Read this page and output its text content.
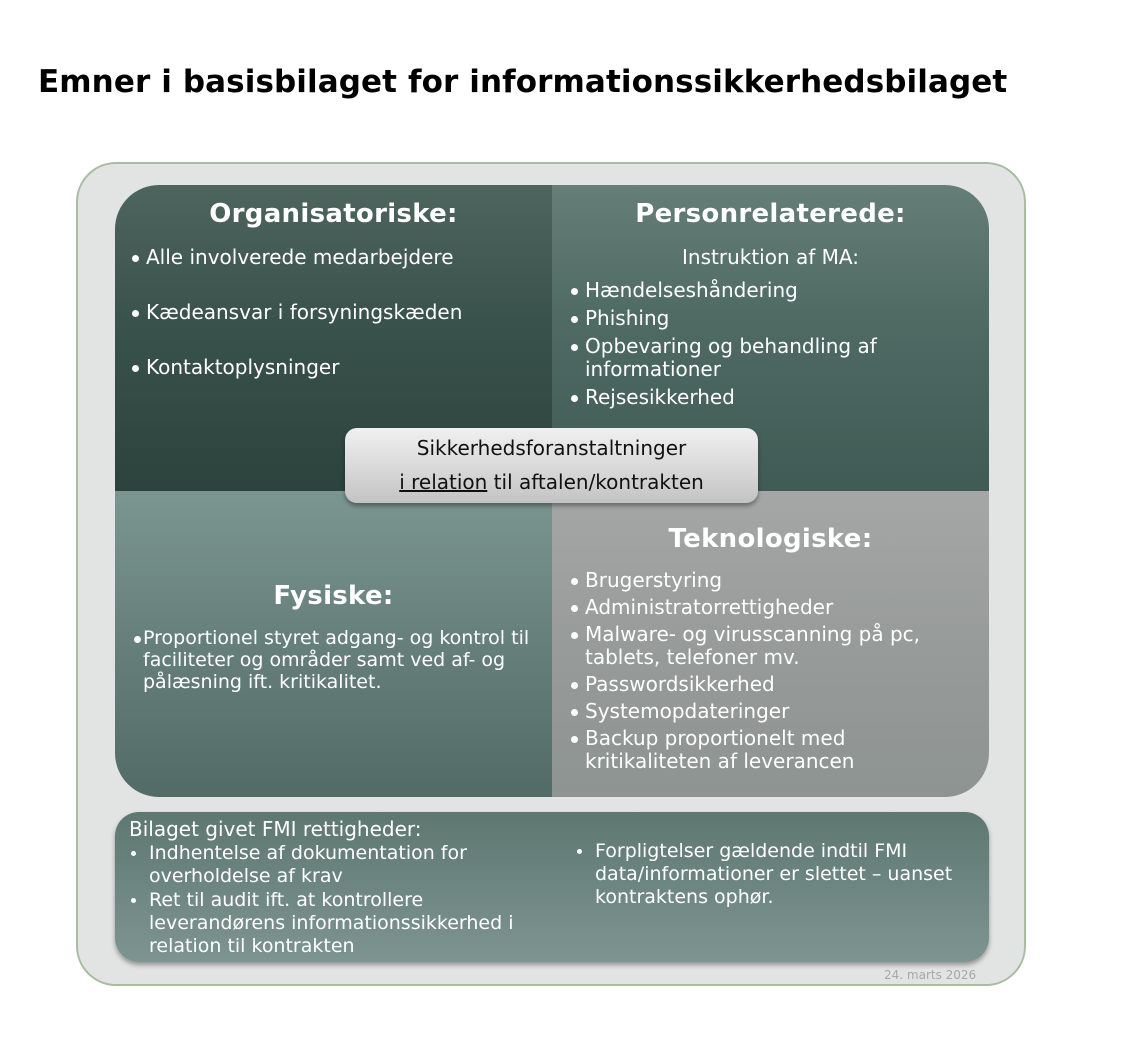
Emner i basisbilaget for informationssikkerhedsbilaget
Organisatoriske:
Alle involverede medarbejdere
Kædeansvar i forsyningskæden
Kontaktoplysninger
Personrelaterede:
Instruktion af MA:
Hændelseshåndering
Phishing
Opbevaring og behandling af informationer
Rejsesikkerhed
Fysiske:
Proportionel styret adgang- og kontrol til faciliteter og områder samt ved af- og pålæsning ift. kritikalitet.
Teknologiske:
Brugerstyring
Administratorrettigheder
Malware- og virusscanning på pc, tablets, telefoner mv.
Passwordsikkerhed
Systemopdateringer
Backup proportionelt med kritikaliteten af leverancen
Sikkerhedsforanstaltninger
i relation til aftalen/kontrakten
Bilaget givet FMI rettigheder:
Indhentelse af dokumentation for overholdelse af krav
Ret til audit ift. at kontrollere leverandørens informationssikkerhed i relation til kontrakten
Forpligtelser gældende indtil FMI data/informationer er slettet – uanset kontraktens ophør.
24. marts 2026
